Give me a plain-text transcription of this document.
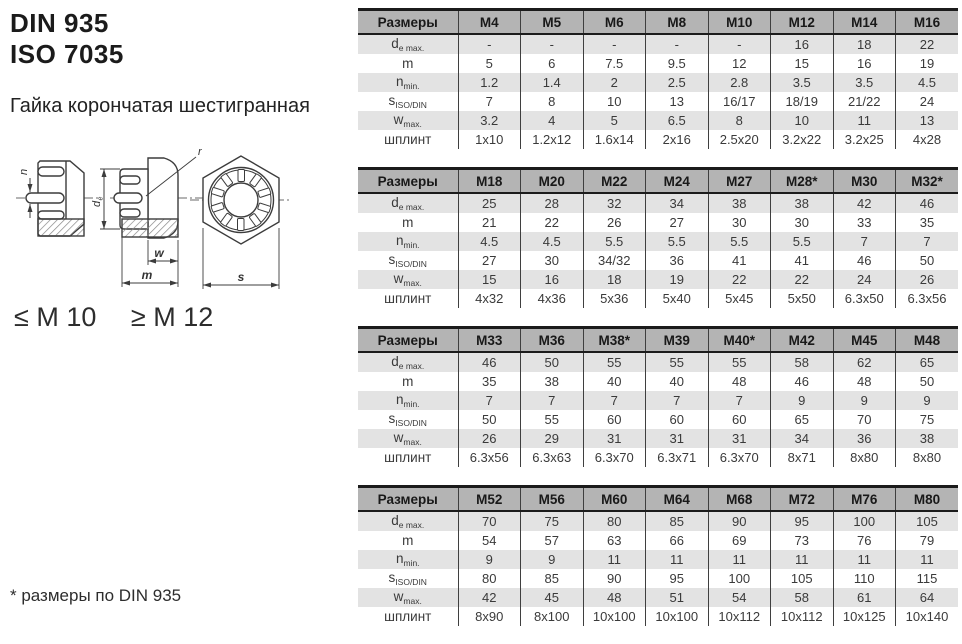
DIN 935
ISO 7035
Гайка корончатая шестигранная
n
d
e
r
w
m	s
≤ M 10 ≥ M 12
* размеры по DIN 935
Размеры	M4	M5	M6	M8	M10	M12	M14	M16
$d_{e max.}$	-	-	-	-	-	16	18	22
m	5	6	7.5	9.5	12	15	16	19
$n_{min.}$	1.2	1.4	2	2.5	2.8	3.5	3.5	4.5
$s_{ISO/DIN}$	7	8	10	13	16/17	18/19	21/22	24
$w_{max.}$	3.2	4	5	6.5	8	10	11	13
шплинт	1x10	1.2x12	1.6x14	2x16	2.5x20	3.2x22	3.2x25	4x28
Размеры	M18	M20	M22	M24	M27	M28*	M30	M32*
$d_{e max.}$	25	28	32	34	38	38	42	46
m	21	22	26	27	30	30	33	35
$n_{min.}$	4.5	4.5	5.5	5.5	5.5	5.5	7	7
$s_{ISO/DIN}$	27	30	34/32	36	41	41	46	50
$w_{max.}$	15	16	18	19	22	22	24	26
шплинт	4x32	4x36	5x36	5x40	5x45	5x50	6.3x50	6.3x56
Размеры	M33	M36	M38*	M39	M40*	M42	M45	M48
$d_{e max.}$	46	50	55	55	55	58	62	65
m	35	38	40	40	48	46	48	50
$n_{min.}$	7	7	7	7	7	9	9	9
$s_{ISO/DIN}$	50	55	60	60	60	65	70	75
$w_{max.}$	26	29	31	31	31	34	36	38
шплинт	6.3x56	6.3x63	6.3x70	6.3x71	6.3x70	8x71	8x80	8x80
Размеры	M52	M56	M60	M64	M68	M72	M76	M80
$d_{e max.}$	70	75	80	85	90	95	100	105
m	54	57	63	66	69	73	76	79
$n_{min.}$	9	9	11	11	11	11	11	11
$s_{ISO/DIN}$	80	85	90	95	100	105	110	115
$w_{max.}$	42	45	48	51	54	58	61	64
шплинт	8x90	8x100	10x100	10x100	10x112	10x112	10x125	10x140
